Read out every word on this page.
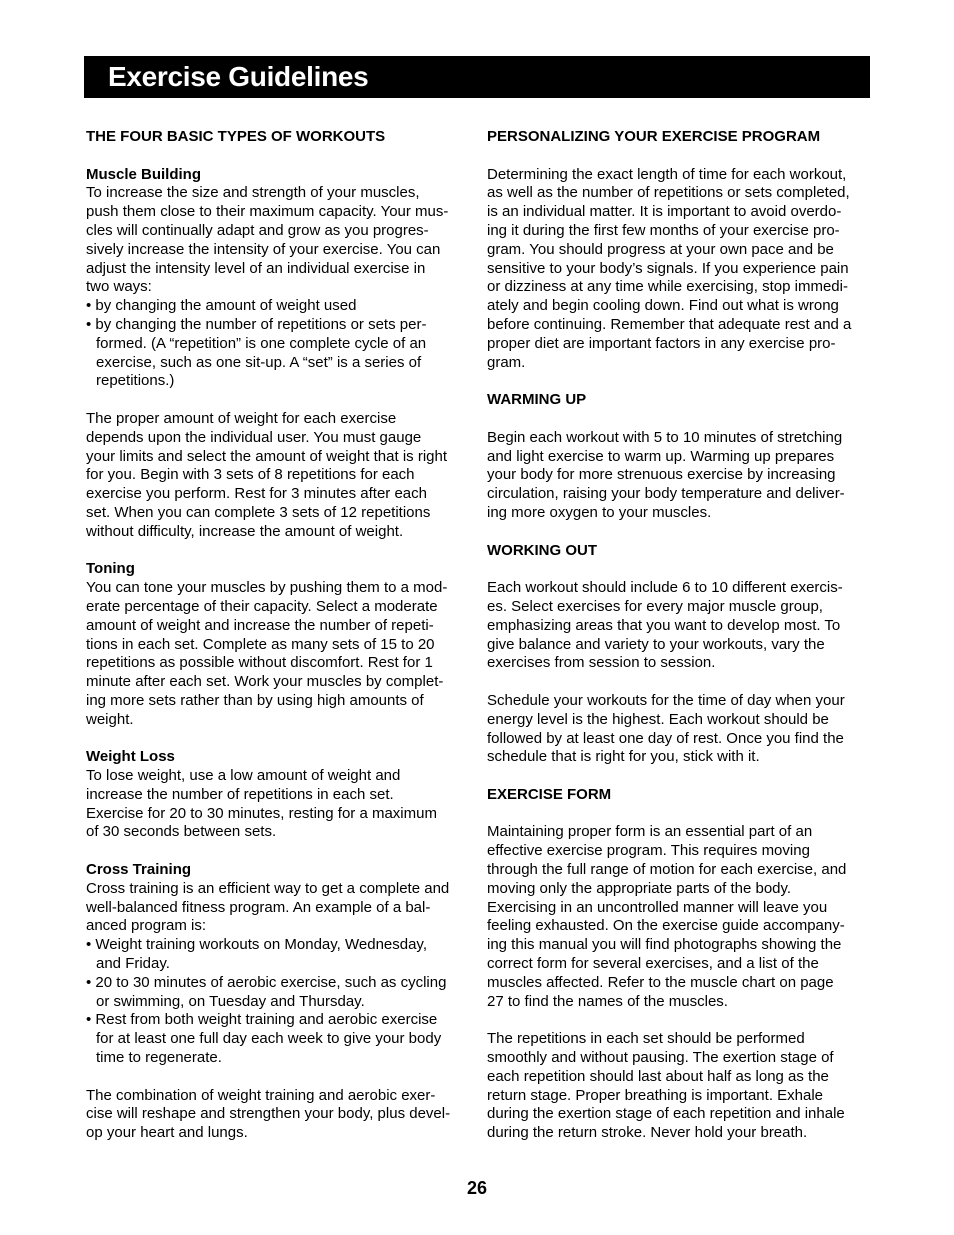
Exercise Guidelines
THE FOUR BASIC TYPES OF WORKOUTS
Muscle Building
To increase the size and strength of your muscles,
push them close to their maximum capacity. Your mus-
cles will continually adapt and grow as you progres-
sively increase the intensity of your exercise. You can
adjust the intensity level of an individual exercise in
two ways:
• by changing the amount of weight used
• by changing the number of repetitions or sets per-
formed. (A “repetition” is one complete cycle of an
exercise, such as one sit-up. A “set” is a series of
repetitions.)
The proper amount of weight for each exercise
depends upon the individual user. You must gauge
your limits and select the amount of weight that is right
for you. Begin with 3 sets of 8 repetitions for each
exercise you perform. Rest for 3 minutes after each
set. When you can complete 3 sets of 12 repetitions
without difficulty, increase the amount of weight.
Toning
You can tone your muscles by pushing them to a mod-
erate percentage of their capacity. Select a moderate
amount of weight and increase the number of repeti-
tions in each set. Complete as many sets of 15 to 20
repetitions as possible without discomfort. Rest for 1
minute after each set. Work your muscles by complet-
ing more sets rather than by using high amounts of
weight.
Weight Loss
To lose weight, use a low amount of weight and
increase the number of repetitions in each set.
Exercise for 20 to 30 minutes, resting for a maximum
of 30 seconds between sets.
Cross Training
Cross training is an efficient way to get a complete and
well-balanced fitness program. An example of a bal-
anced program is:
• Weight training workouts on Monday, Wednesday,
and Friday.
• 20 to 30 minutes of aerobic exercise, such as cycling
or swimming, on Tuesday and Thursday.
• Rest from both weight training and aerobic exercise
for at least one full day each week to give your body
time to regenerate.
The combination of weight training and aerobic exer-
cise will reshape and strengthen your body, plus devel-
op your heart and lungs.
PERSONALIZING YOUR EXERCISE PROGRAM
Determining the exact length of time for each workout,
as well as the number of repetitions or sets completed,
is an individual matter. It is important to avoid overdo-
ing it during the first few months of your exercise pro-
gram. You should progress at your own pace and be
sensitive to your body’s signals. If you experience pain
or dizziness at any time while exercising, stop immedi-
ately and begin cooling down. Find out what is wrong
before continuing. Remember that adequate rest and a
proper diet are important factors in any exercise pro-
gram.
WARMING UP
Begin each workout with 5 to 10 minutes of stretching
and light exercise to warm up. Warming up prepares
your body for more strenuous exercise by increasing
circulation, raising your body temperature and deliver-
ing more oxygen to your muscles.
WORKING OUT
Each workout should include 6 to 10 different exercis-
es. Select exercises for every major muscle group,
emphasizing areas that you want to develop most. To
give balance and variety to your workouts, vary the
exercises from session to session.
Schedule your workouts for the time of day when your
energy level is the highest. Each workout should be
followed by at least one day of rest. Once you find the
schedule that is right for you, stick with it.
EXERCISE FORM
Maintaining proper form is an essential part of an
effective exercise program. This requires moving
through the full range of motion for each exercise, and
moving only the appropriate parts of the body.
Exercising in an uncontrolled manner will leave you
feeling exhausted. On the exercise guide accompany-
ing this manual you will find photographs showing the
correct form for several exercises, and a list of the
muscles affected. Refer to the muscle chart on page
27 to find the names of the muscles.
The repetitions in each set should be performed
smoothly and without pausing. The exertion stage of
each repetition should last about half as long as the
return stage. Proper breathing is important. Exhale
during the exertion stage of each repetition and inhale
during the return stroke. Never hold your breath.
26
